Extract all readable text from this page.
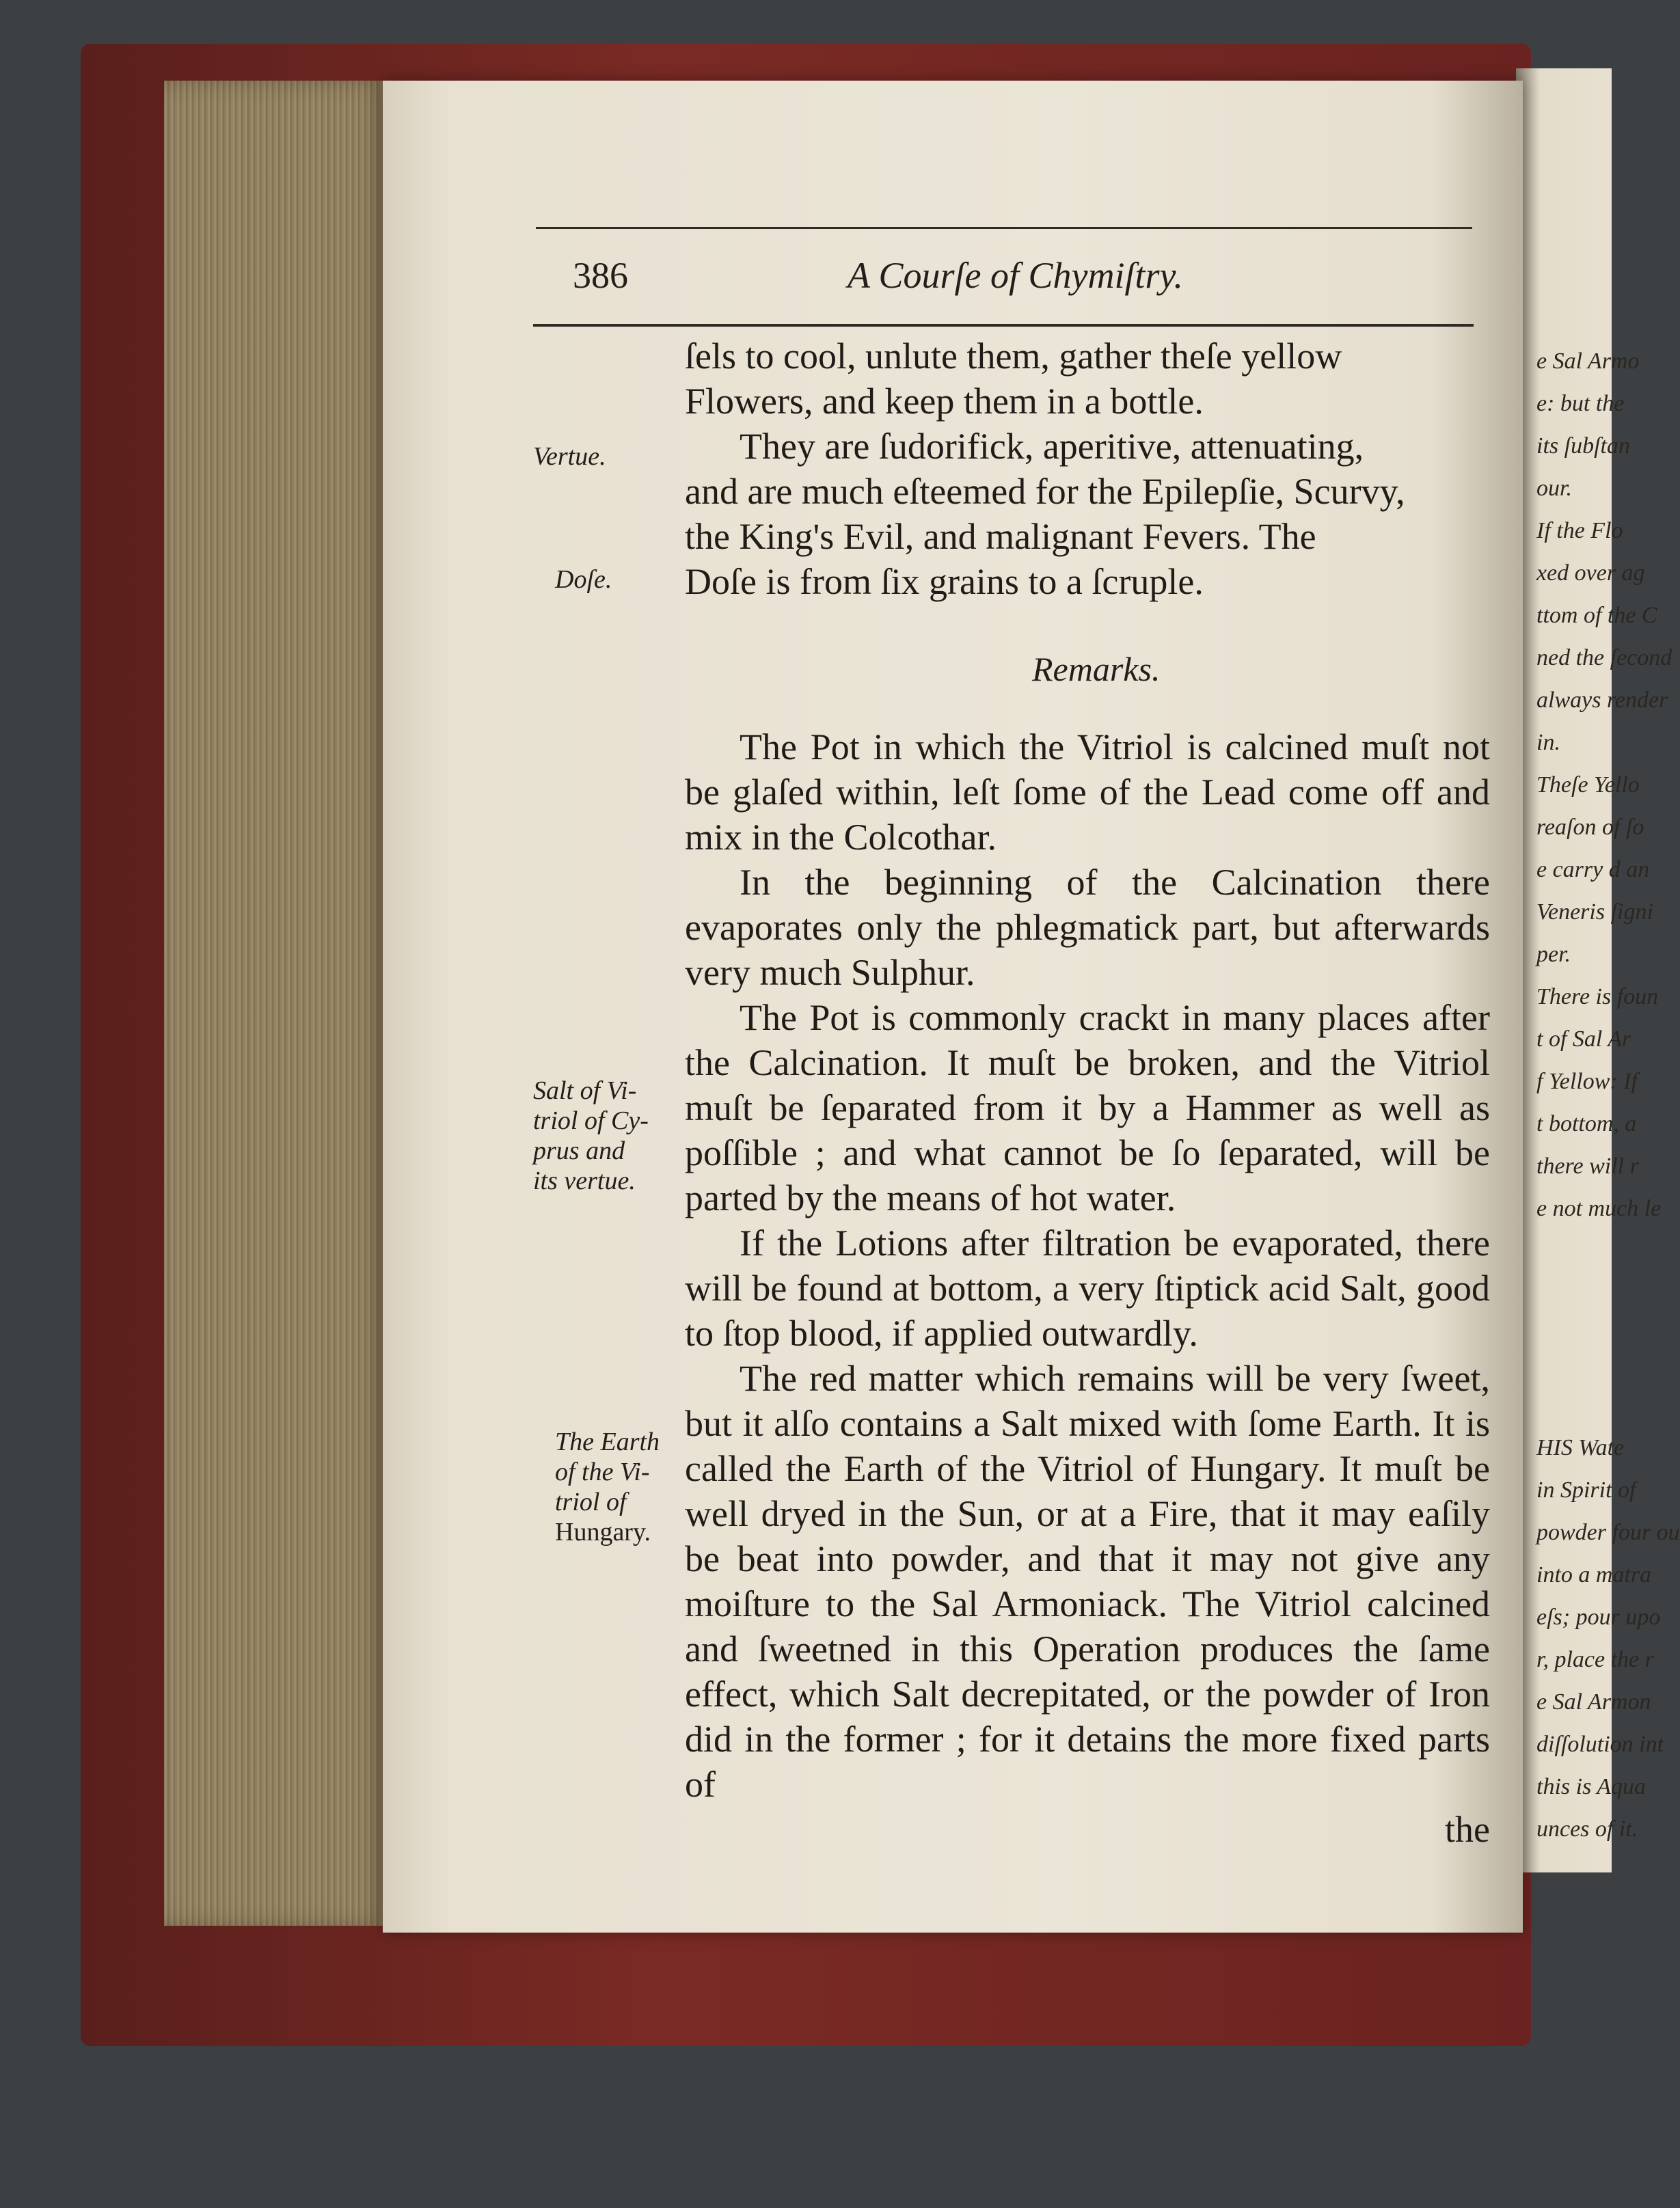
e Sal Armo
e: but the
its ſubſtan
our.
If the Flo
xed over ag
ttom of the C
ned the ſecond
always render
in.
Theſe Yello
reaſon of ſo
e carry d an
Veneris ſigni
per.
There is foun
t of Sal Ar
f Yellow: If
t bottom, a
there will r
e not much le
HIS Wate
in Spirit of
powder four ou
into a matra
eſs; pour upo
r, place the r
e Sal Armon
diſſolution int
this is Aqua
unces of it.
386	A Courſe of Chymiſtry.
Vertue.
Doſe.
Salt of Vi-
triol of Cy-
prus and
its vertue.
The Earth
of the Vi-
triol of
Hungary.

ſels to cool, unlute them, gather theſe yellow

Flowers, and keep them in a bottle.

They are ſudorifick, aperitive, attenuating,

and are much eſteemed for the Epilepſie, Scurvy,

the King's Evil, and malignant Fevers. The

Doſe is from ſix grains to a ſcruple.

Remarks.

The Pot in which the Vitriol is calcined muſt not be glaſed within, leſt ſome of the Lead come off and mix in the Colcothar.

In the beginning of the Calcination there evaporates only the phlegmatick part, but afterwards very much Sulphur.

The Pot is commonly crackt in many places after the Calcination. It muſt be broken, and the Vitriol muſt be ſeparated from it by a Hammer as well as poſſible ; and what cannot be ſo ſeparated, will be parted by the means of hot water.

If the Lotions after filtration be evaporated, there will be found at bottom, a very ſtiptick acid Salt, good to ſtop blood, if applied outwardly.

The red matter which remains will be very ſweet, but it alſo contains a Salt mixed with ſome Earth. It is called the Earth of the Vitriol of Hungary. It muſt be well dryed in the Sun, or at a Fire, that it may eaſily be beat into powder, and that it may not give any moiſture to the Sal Armoniack. The Vitriol calcined and ſweetned in this Operation produces the ſame effect, which Salt decrepitated, or the powder of Iron did in the former ; for it detains the more fixed parts of

the
